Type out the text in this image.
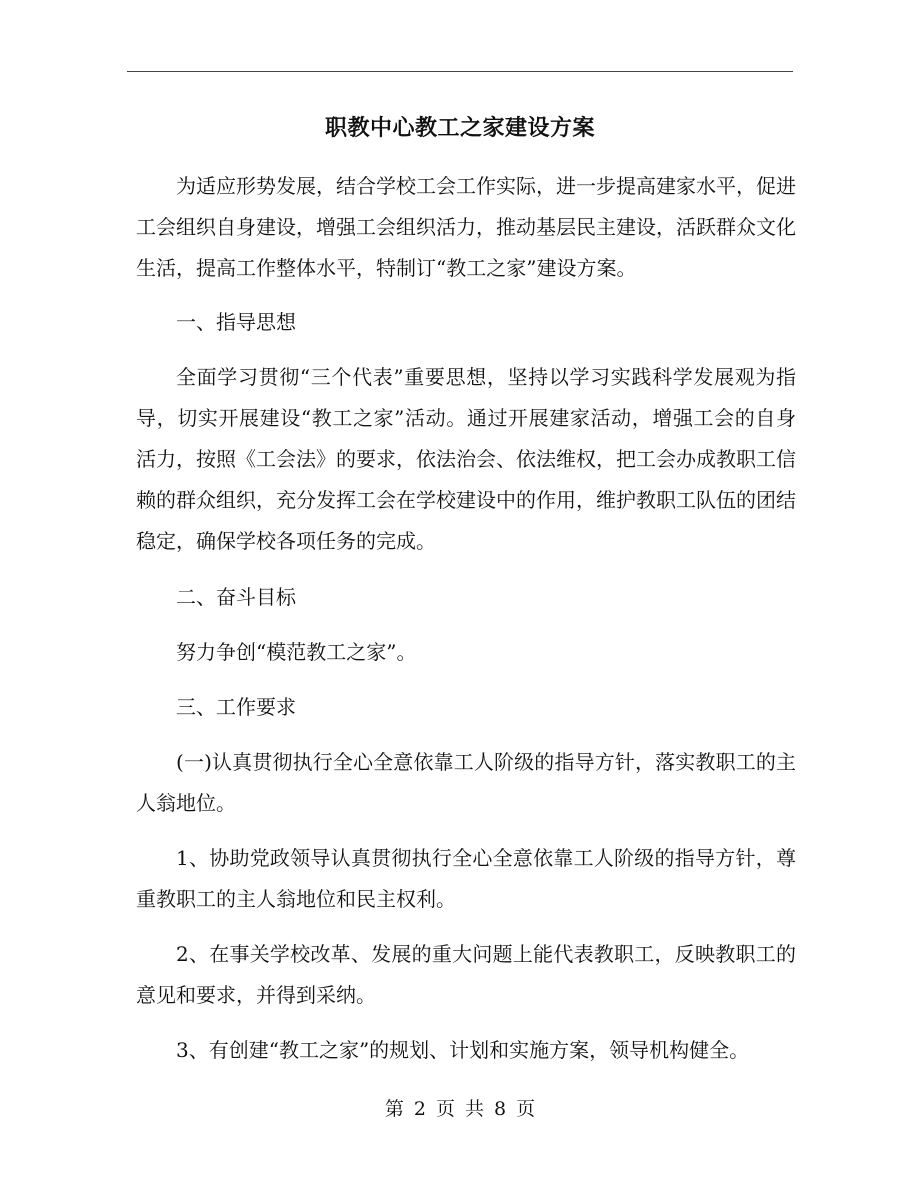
职教中心教工之家建设方案

为适应形势发展，结合学校工会工作实际，进一步提高建家水平，促进工会组织自身建设，增强工会组织活力，推动基层民主建设，活跃群众文化生活，提高工作整体水平，特制订“教工之家”建设方案。

一、指导思想

全面学习贯彻“三个代表”重要思想，坚持以学习实践科学发展观为指导，切实开展建设“教工之家”活动。通过开展建家活动，增强工会的自身活力，按照《工会法》的要求，依法治会、依法维权，把工会办成教职工信赖的群众组织，充分发挥工会在学校建设中的作用，维护教职工队伍的团结稳定，确保学校各项任务的完成。

二、奋斗目标

努力争创“模范教工之家”。

三、工作要求

(一)认真贯彻执行全心全意依靠工人阶级的指导方针，落实教职工的主人翁地位。

1、协助党政领导认真贯彻执行全心全意依靠工人阶级的指导方针，尊重教职工的主人翁地位和民主权利。

2、在事关学校改革、发展的重大问题上能代表教职工，反映教职工的意见和要求，并得到采纳。

3、有创建“教工之家”的规划、计划和实施方案，领导机构健全。

第 2 页 共 8 页
